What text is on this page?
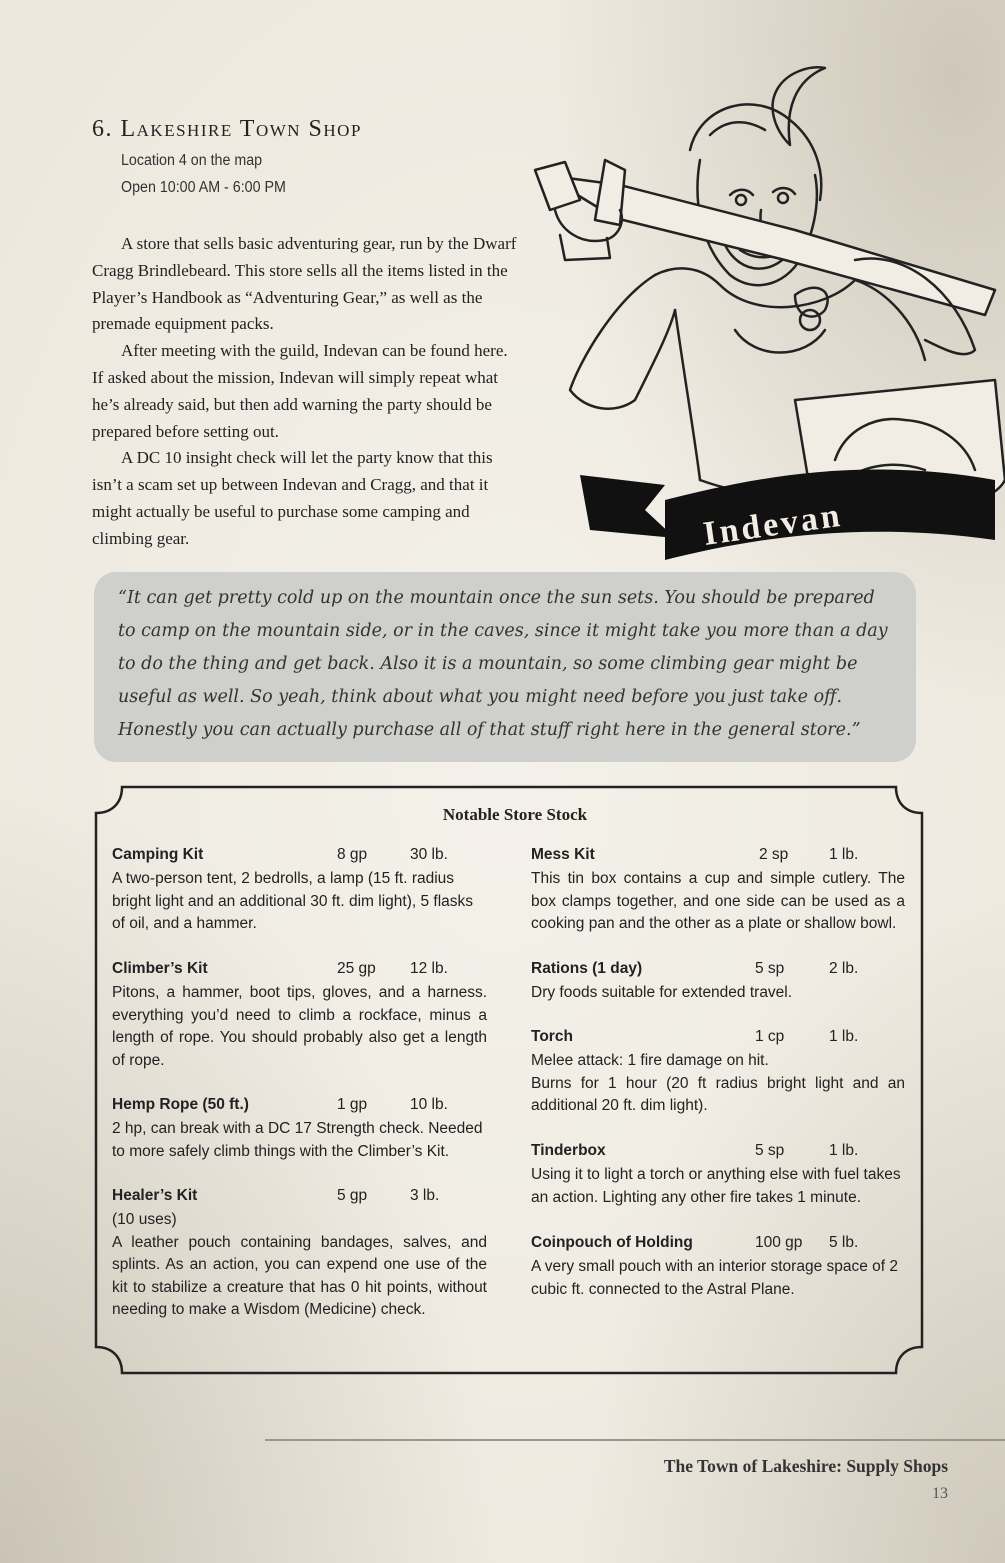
6. Lakeshire Town Shop
Location 4 on the map
Open 10:00 AM - 6:00 PM

A store that sells basic adventuring gear, run by the Dwarf Cragg Brindlebeard. This store sells all the items listed in the Player’s Handbook as “Adventuring Gear,” as well as the premade equipment packs.

After meeting with the guild, Indevan can be found here. If asked about the mission, Indevan will simply repeat what he’s already said, but then add warning the party should be prepared before setting out.

A DC 10 insight check will let the party know that this isn’t a scam set up between Indevan and Cragg, and that it might actually be useful to purchase some camping and climbing gear.	Indevan
“It can get pretty cold up on the mountain once the sun sets. You should be prepared to camp on the mountain side, or in the caves, since it might take you more than a day to do the thing and get back. Also it is a mountain, so some climbing gear might be useful as well. So yeah, think about what you might need before you just take off. Honestly you can actually purchase all of that stuff right here in the general store.”
Notable Store Stock
Camping Kit	8 gp	30 lb.
A two-person tent, 2 bedrolls, a lamp (15 ft. radius bright light and an additional 30 ft. dim light), 5 flasks of oil, and a hammer.
Climber’s Kit	25 gp 12 lb.
Pitons, a hammer, boot tips, gloves, and a harness. everything you’d need to climb a rockface, minus a length of rope. You should probably also get a length of rope.
Hemp Rope (50 ft.)	1 gp	10 lb.
2 hp, can break with a DC 17 Strength check. Needed to more safely climb things with the Climber’s Kit.
Healer’s Kit	5 gp	3 lb.
(10 uses)
A leather pouch containing bandages, salves, and splints. As an action, you can expend one use of the kit to stabilize a creature that has 0 hit points, without needing to make a Wisdom (Medicine) check.
Mess Kit	2 sp	1 lb.
This tin box contains a cup and simple cutlery. The box clamps together, and one side can be used as a cooking pan and the other as a plate or shallow bowl.
Rations (1 day)	5 sp	2 lb.
Dry foods suitable for extended travel.
Torch	1 cp	1 lb.
Melee attack: 1 fire damage on hit.
Burns for 1 hour (20 ft radius bright light and an additional 20 ft. dim light).
Tinderbox	5 sp	1 lb.
Using it to light a torch or anything else with fuel takes an action. Lighting any other fire takes 1 minute.
Coinpouch of Holding	100 gp 5 lb.
A very small pouch with an interior storage space of 2 cubic ft. connected to the Astral Plane.
The Town of Lakeshire: Supply Shops
13
